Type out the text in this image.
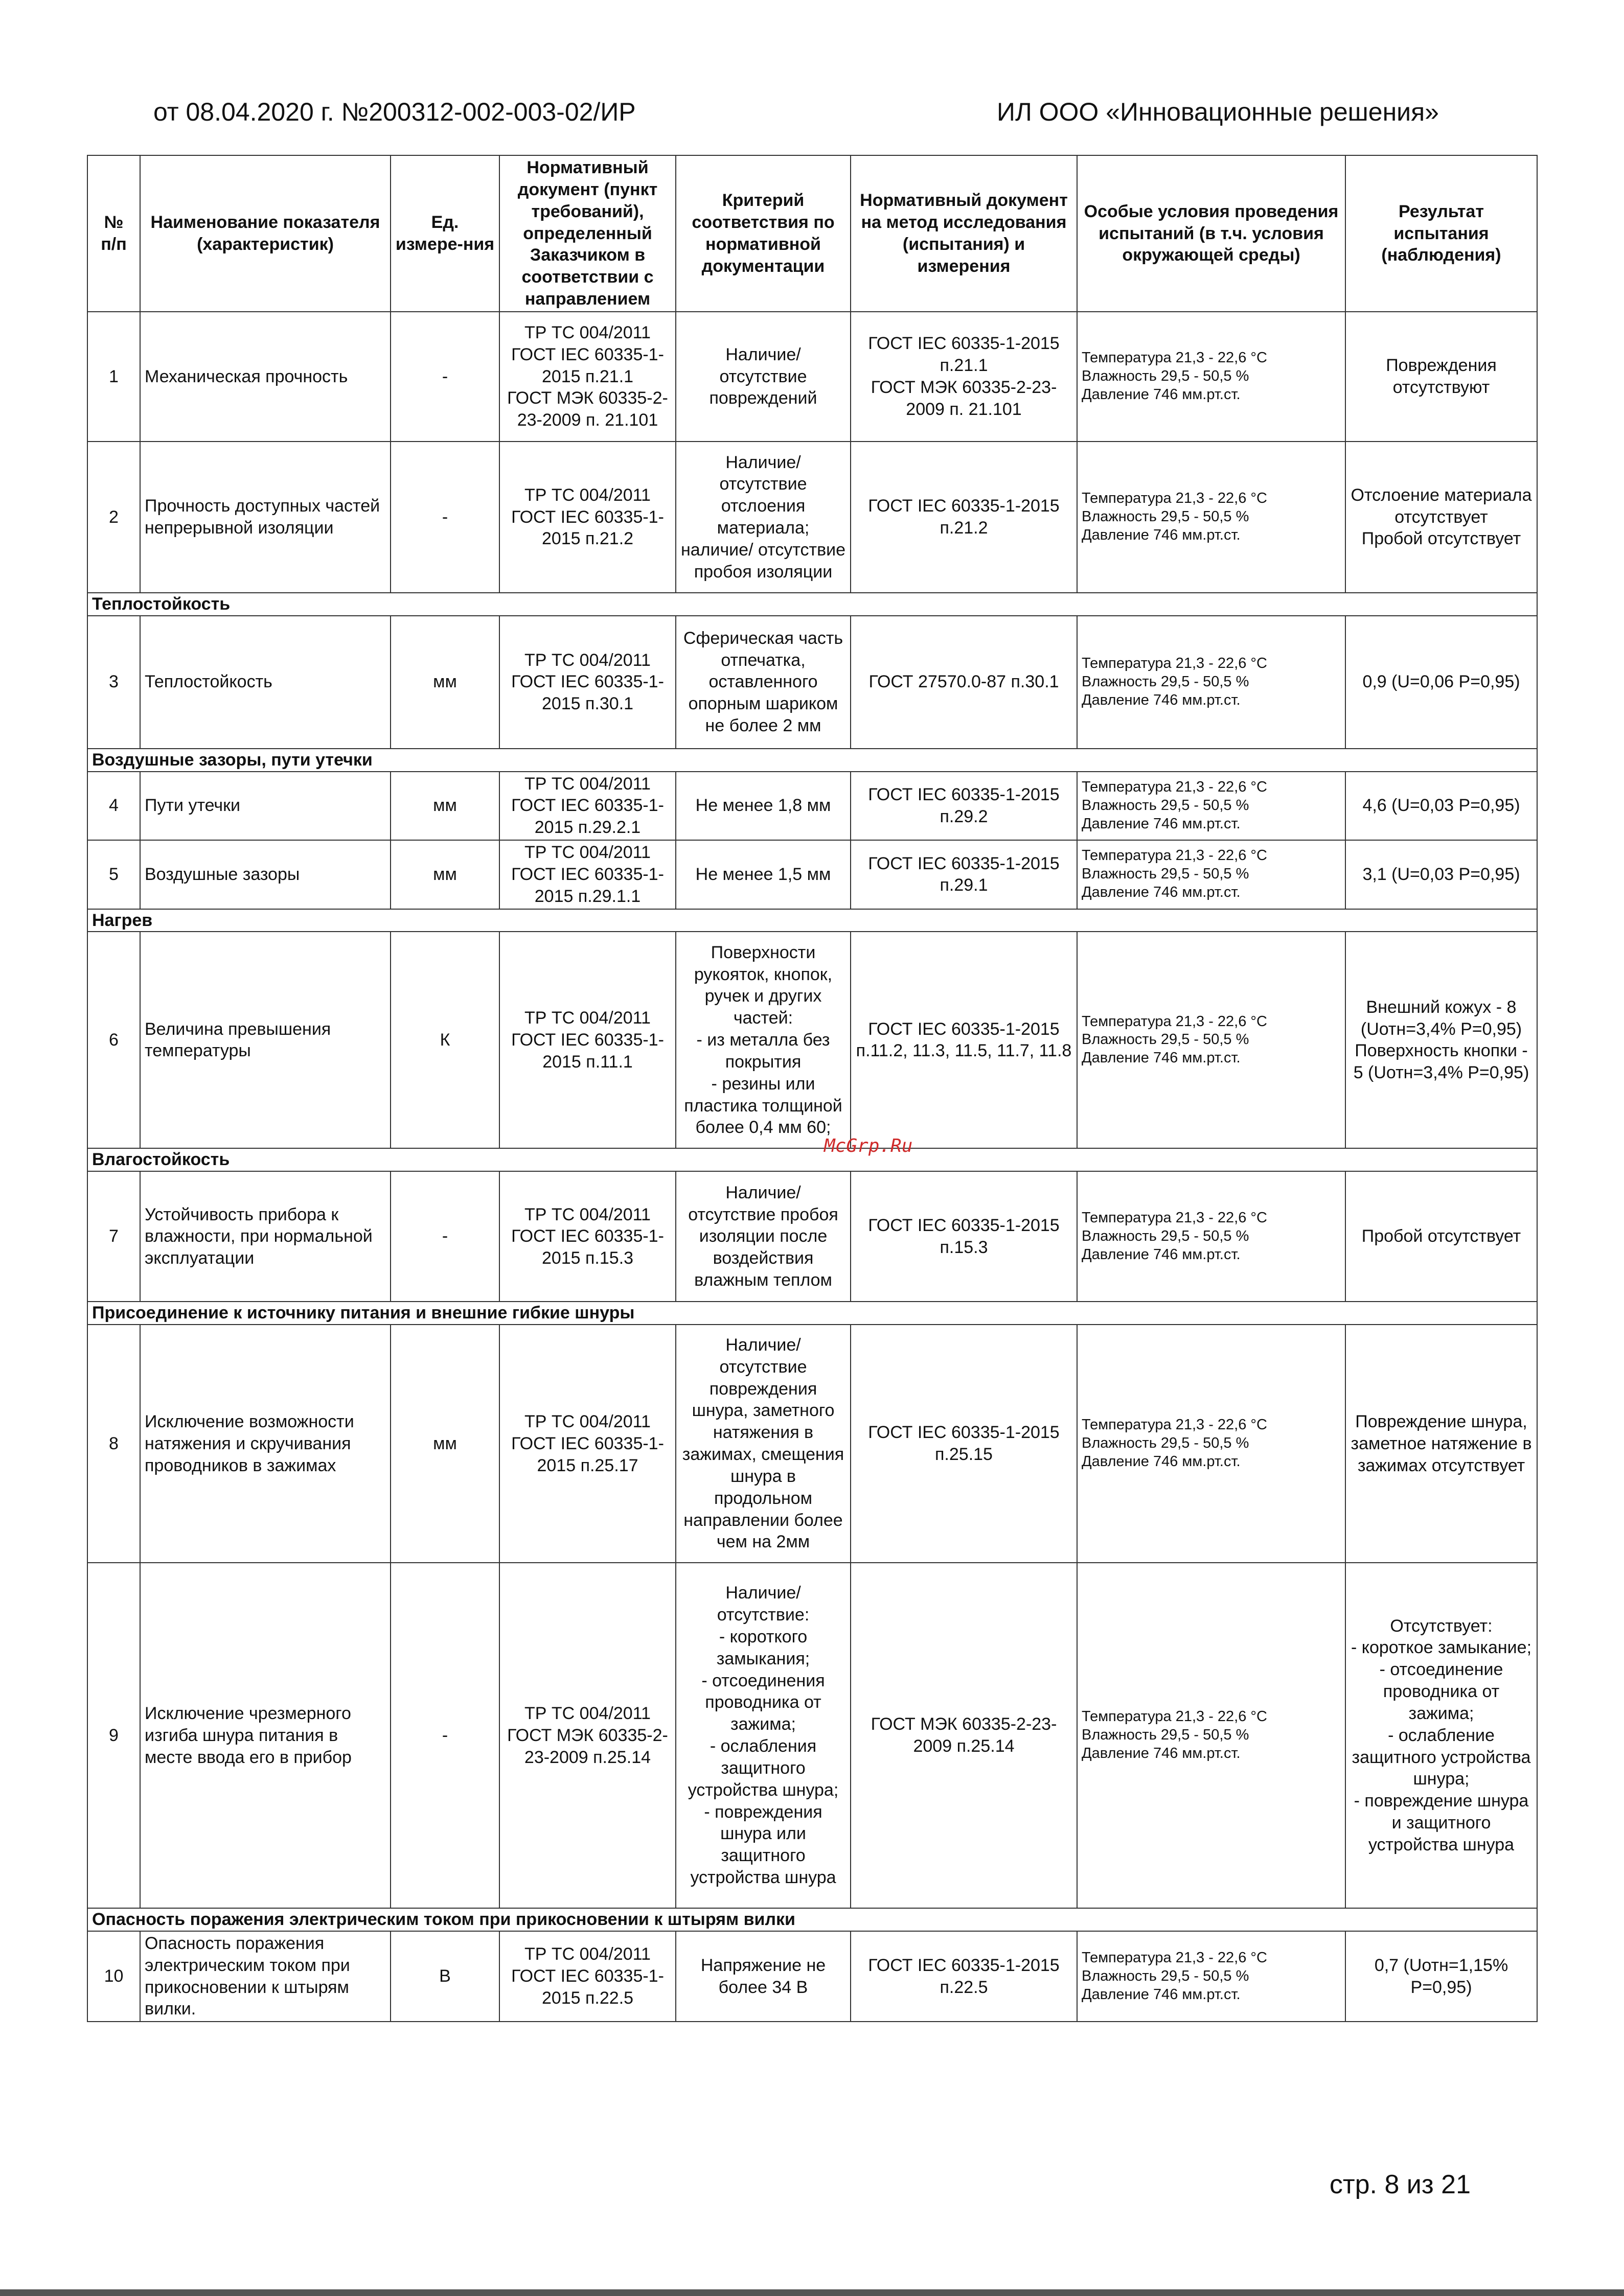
от 08.04.2020 г. №200312-002-003-02/ИР	ИЛ ООО «Инновационные решения»
№
п/п	Наименование показателя (характеристик)	Ед. измере-ния	Нормативный документ (пункт требований), определенный Заказчиком в соответствии с направлением	Критерий соответствия по нормативной документации	Нормативный документ на метод исследования (испытания) и измерения	Особые условия проведения испытаний (в т.ч. условия окружающей среды)	Результат испытания (наблюдения)
1	Механическая прочность	-	ТР ТС 004/2011
ГОСТ IEC 60335-1-2015 п.21.1
ГОСТ МЭК 60335-2-23-2009 п. 21.101	Наличие/ отсутствие повреждений	ГОСТ IEC 60335-1-2015 п.21.1
ГОСТ МЭК 60335-2-23-2009 п. 21.101	Температура 21,3 - 22,6 °С
Влажность 29,5 - 50,5 %
Давление 746 мм.рт.ст.	Повреждения отсутствуют
2	Прочность доступных частей непрерывной изоляции	-	ТР ТС 004/2011
ГОСТ IEC 60335-1-2015 п.21.2	Наличие/ отсутствие отслоения материала; наличие/ отсутствие пробоя изоляции	ГОСТ IEC 60335-1-2015 п.21.2	Температура 21,3 - 22,6 °С
Влажность 29,5 - 50,5 %
Давление 746 мм.рт.ст.	Отслоение материала отсутствует
Пробой отсутствует
Теплостойкость							
3	Теплостойкость	мм	ТР ТС 004/2011
ГОСТ IEC 60335-1-2015 п.30.1	Сферическая часть отпечатка, оставленного опорным шариком не более 2 мм	ГОСТ 27570.0-87 п.30.1	Температура 21,3 - 22,6 °С
Влажность 29,5 - 50,5 %
Давление 746 мм.рт.ст.	0,9 (U=0,06 P=0,95)
Воздушные зазоры, пути утечки							
4	Пути утечки	мм	ТР ТС 004/2011
ГОСТ IEC 60335-1-2015 п.29.2.1	Не менее 1,8 мм	ГОСТ IEC 60335-1-2015 п.29.2	Температура 21,3 - 22,6 °С
Влажность 29,5 - 50,5 %
Давление 746 мм.рт.ст.	4,6 (U=0,03 P=0,95)
5	Воздушные зазоры	мм	ТР ТС 004/2011
ГОСТ IEC 60335-1-2015 п.29.1.1	Не менее 1,5 мм	ГОСТ IEC 60335-1-2015 п.29.1	Температура 21,3 - 22,6 °С
Влажность 29,5 - 50,5 %
Давление 746 мм.рт.ст.	3,1 (U=0,03 P=0,95)
Нагрев							
6	Величина превышения температуры	К	ТР ТС 004/2011
ГОСТ IEC 60335-1-2015 п.11.1	Поверхности рукояток, кнопок, ручек и других частей:
- из металла без покрытия
- резины или пластика толщиной более 0,4 мм 60;	ГОСТ IEC 60335-1-2015 п.11.2, 11.3, 11.5, 11.7, 11.8	Температура 21,3 - 22,6 °С
Влажность 29,5 - 50,5 %
Давление 746 мм.рт.ст.	Внешний кожух - 8 (Uотн=3,4% P=0,95)
Поверхность кнопки - 5 (Uотн=3,4% P=0,95)
Влагостойкость							
7	Устойчивость прибора к влажности, при нормальной эксплуатации	-	ТР ТС 004/2011
ГОСТ IEC 60335-1-2015 п.15.3	Наличие/ отсутствие пробоя изоляции после воздействия влажным теплом	ГОСТ IEC 60335-1-2015 п.15.3	Температура 21,3 - 22,6 °С
Влажность 29,5 - 50,5 %
Давление 746 мм.рт.ст.	Пробой отсутствует
Присоединение к источнику питания и внешние гибкие шнуры							
8	Исключение возможности натяжения и скручивания проводников в зажимах	мм	ТР ТС 004/2011
ГОСТ IEC 60335-1-2015 п.25.17	Наличие/ отсутствие повреждения шнура, заметного натяжения в зажимах, смещения шнура в продольном направлении более чем на 2мм	ГОСТ IEC 60335-1-2015 п.25.15	Температура 21,3 - 22,6 °С
Влажность 29,5 - 50,5 %
Давление 746 мм.рт.ст.	Повреждение шнура, заметное натяжение в зажимах отсутствует
9	Исключение чрезмерного изгиба шнура питания в месте ввода его в прибор	-	ТР ТС 004/2011
ГОСТ МЭК 60335-2-23-2009 п.25.14	Наличие/ отсутствие:
- короткого замыкания;
- отсоединения проводника от зажима;
- ослабления защитного устройства шнура;
- повреждения шнура или защитного устройства шнура	ГОСТ МЭК 60335-2-23-2009 п.25.14	Температура 21,3 - 22,6 °С
Влажность 29,5 - 50,5 %
Давление 746 мм.рт.ст.	Отсутствует:
- короткое замыкание;
- отсоединение проводника от зажима;
- ослабление защитного устройства шнура;
- повреждение шнура и защитного устройства шнура
Опасность поражения электрическим током при прикосновении к штырям вилки							
10	Опасность поражения электрическим током при прикосновении к штырям вилки.	В	ТР ТС 004/2011
ГОСТ IEC 60335-1-2015 п.22.5	Напряжение не более 34 В	ГОСТ IEC 60335-1-2015 п.22.5	Температура 21,3 - 22,6 °С
Влажность 29,5 - 50,5 %
Давление 746 мм.рт.ст.	0,7 (Uотн=1,15% P=0,95)
McGrp.Ru
стр. 8 из 21
